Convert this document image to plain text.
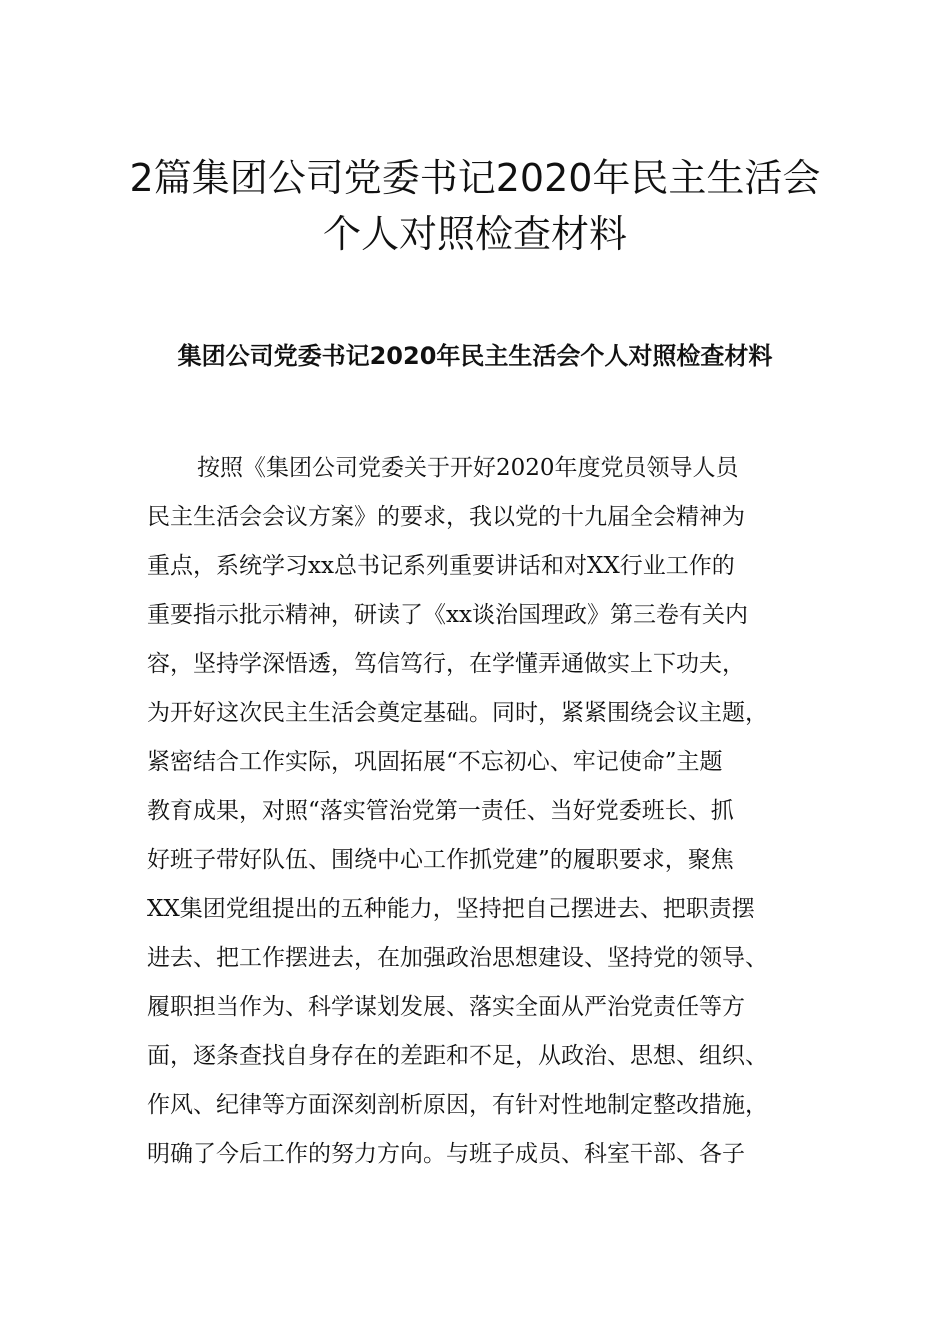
2篇集团公司党委书记2020年民主生活会
个人对照检查材料
集团公司党委书记2020年民主生活会个人对照检查材料
按照《集团公司党委关于开好2020年度党员领导人员
民主生活会会议方案》的要求，我以党的十九届全会精神为
重点，系统学习xx总书记系列重要讲话和对XX行业工作的
重要指示批示精神，研读了《xx谈治国理政》第三卷有关内
容，坚持学深悟透，笃信笃行，在学懂弄通做实上下功夫，
为开好这次民主生活会奠定基础。同时，紧紧围绕会议主题，
紧密结合工作实际，巩固拓展“不忘初心、牢记使命”主题
教育成果，对照“落实管治党第一责任、当好党委班长、抓
好班子带好队伍、围绕中心工作抓党建”的履职要求，聚焦
XX集团党组提出的五种能力，坚持把自己摆进去、把职责摆
进去、把工作摆进去，在加强政治思想建设、坚持党的领导、
履职担当作为、科学谋划发展、落实全面从严治党责任等方
面，逐条查找自身存在的差距和不足，从政治、思想、组织、
作风、纪律等方面深刻剖析原因，有针对性地制定整改措施，
明确了今后工作的努力方向。与班子成员、科室干部、各子
